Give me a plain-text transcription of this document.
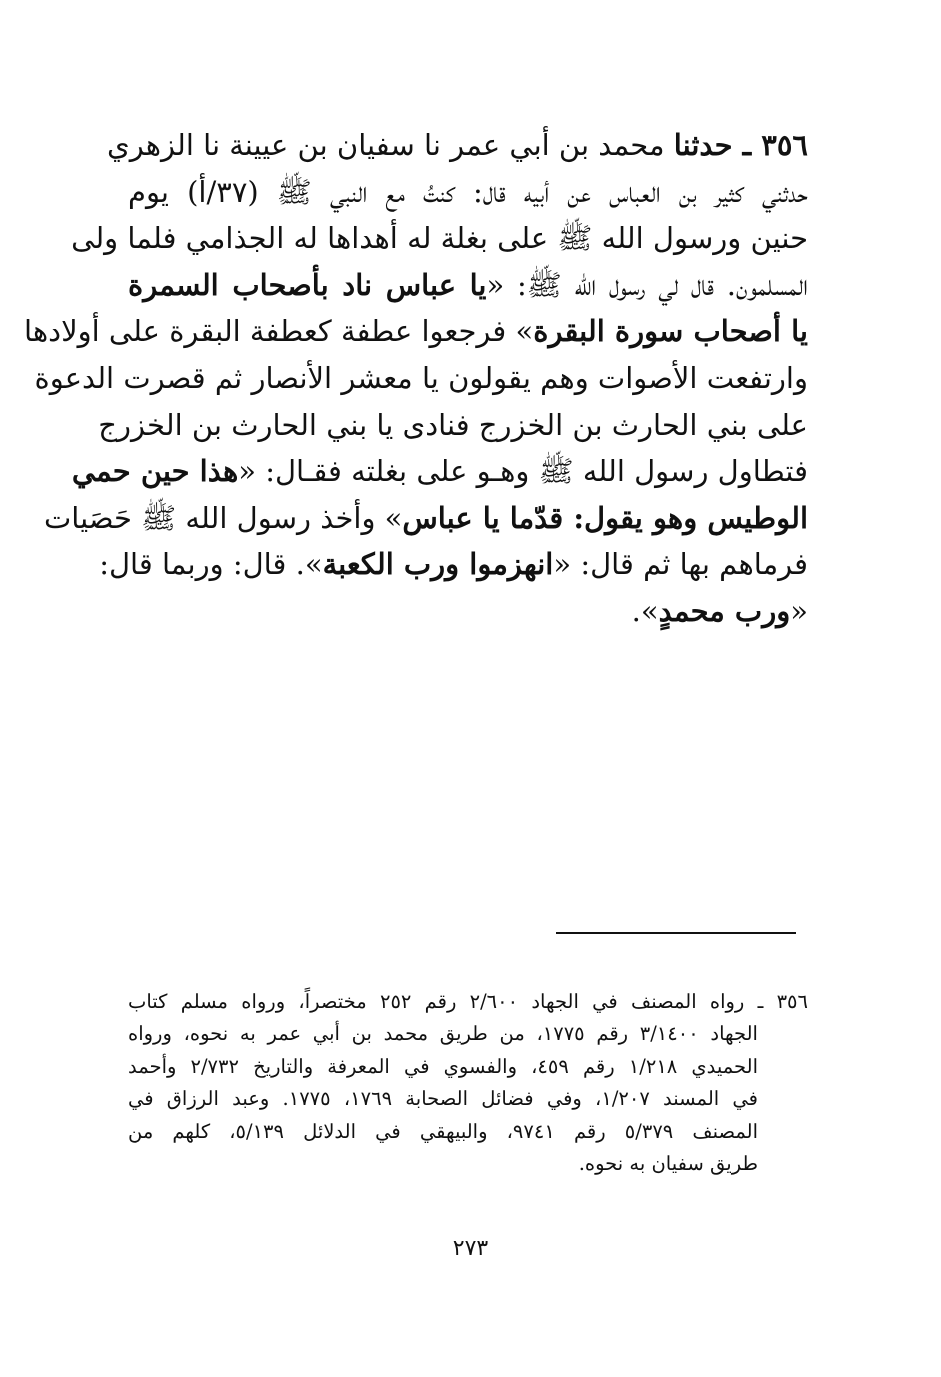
٣٥٦ ـ حدثنا محمد بن أبي عمر نا سفيان بن عيينة نا الزهري
حدثني كثير بن العباس عن أبيه قال: كنتُ مع النبي ﷺ (٣٧/أ) يوم
حنين ورسول الله ﷺ على بغلة له أهداها له الجذامي فلما ولى
المسلمون. قال لي رسول الله ﷺ: «يا عباس ناد بأصحاب السمرة
يا أصحاب سورة البقرة» فرجعوا عطفة كعطفة البقرة على أولادها
وارتفعت الأصوات وهم يقولون يا معشر الأنصار ثم قصرت الدعوة
على بني الحارث بن الخزرج فنادى يا بني الحارث بن الخزرج
فتطاول رسول الله ﷺ وهـو على بغلته فقـال: «هذا حين حمي
الوطيس وهو يقول: قدّما يا عباس» وأخذ رسول الله ﷺ حَصَيات
فرماهم بها ثم قال: «انهزموا ورب الكعبة». قال: وربما قال:
«ورب محمدٍ».
٣٥٦ ـ رواه المصنف في الجهاد ٢/٦٠٠ رقم ٢٥٢ مختصراً، ورواه مسلم كتاب
الجهاد ٣/١٤٠٠ رقم ١٧٧٥، من طريق محمد بن أبي عمر به نحوه، ورواه
الحميدي ١/٢١٨ رقم ٤٥٩، والفسوي في المعرفة والتاريخ ٢/٧٣٢ وأحمد
في المسند ١/٢٠٧، وفي فضائل الصحابة ١٧٦٩، ١٧٧٥. وعبد الرزاق في
المصنف ٥/٣٧٩ رقم ٩٧٤١، والبيهقي في الدلائل ٥/١٣٩، كلهم من
طريق سفيان به نحوه.
٢٧٣
